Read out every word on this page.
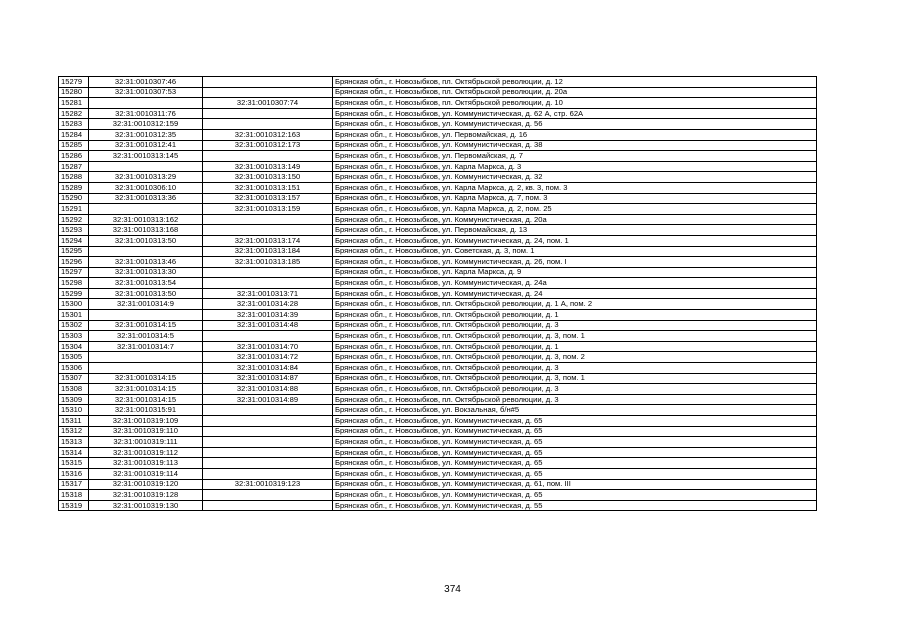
15279	32:31:0010307:46		Брянская обл., г. Новозыбков, пл. Октябрьской революции, д. 12
15280	32:31:0010307:53		Брянская обл., г. Новозыбков, пл. Октябрьской революции, д. 20а
15281		32:31:0010307:74	Брянская обл., г. Новозыбков, пл. Октябрьской революции, д. 10
15282	32:31:0010311:76		Брянская обл., г. Новозыбков, ул. Коммунистическая, д. 62 А, стр. 62А
15283	32:31:0010312:159		Брянская обл., г. Новозыбков, ул. Коммунистическая, д. 56
15284	32:31:0010312:35	32:31:0010312:163	Брянская обл., г. Новозыбков, ул. Первомайская, д. 16
15285	32:31:0010312:41	32:31:0010312:173	Брянская обл., г. Новозыбков, ул. Коммунистическая, д. 38
15286	32:31:0010313:145		Брянская обл., г. Новозыбков, ул. Первомайская, д. 7
15287		32:31:0010313:149	Брянская обл., г. Новозыбков, ул. Карла Маркса, д. 3
15288	32:31:0010313:29	32:31:0010313:150	Брянская обл., г. Новозыбков, ул. Коммунистическая, д. 32
15289	32:31:0010306:10	32:31:0010313:151	Брянская обл., г. Новозыбков, ул. Карла Маркса, д. 2, кв. 3, пом. 3
15290	32:31:0010313:36	32:31:0010313:157	Брянская обл., г. Новозыбков, ул. Карла Маркса, д. 7, пом. 3
15291		32:31:0010313:159	Брянская обл., г. Новозыбков, ул. Карла Маркса, д. 2, пом. 25
15292	32:31:0010313:162		Брянская обл., г. Новозыбков, ул. Коммунистическая, д. 20а
15293	32:31:0010313:168		Брянская обл., г. Новозыбков, ул. Первомайская, д. 13
15294	32:31:0010313:50	32:31:0010313:174	Брянская обл., г. Новозыбков, ул. Коммунистическая, д. 24, пом. 1
15295		32:31:0010313:184	Брянская обл., г. Новозыбков, ул. Советская, д. 3, пом. 1
15296	32:31:0010313:46	32:31:0010313:185	Брянская обл., г. Новозыбков, ул. Коммунистическая, д. 26, пом. I
15297	32:31:0010313:30		Брянская обл., г. Новозыбков, ул. Карла Маркса, д. 9
15298	32:31:0010313:54		Брянская обл., г. Новозыбков, ул. Коммунистическая, д. 24а
15299	32:31:0010313:50	32:31:0010313:71	Брянская обл., г. Новозыбков, ул. Коммунистическая, д. 24
15300	32:31:0010314:9	32:31:0010314:28	Брянская обл., г. Новозыбков, пл. Октябрьской революции, д. 1 А, пом. 2
15301		32:31:0010314:39	Брянская обл., г. Новозыбков, пл. Октябрьской революции, д. 1
15302	32:31:0010314:15	32:31:0010314:48	Брянская обл., г. Новозыбков, пл. Октябрьской революции, д. 3
15303	32:31:0010314:5		Брянская обл., г. Новозыбков, пл. Октябрьской революции, д. 3, пом. 1
15304	32:31:0010314:7	32:31:0010314:70	Брянская обл., г. Новозыбков, пл. Октябрьской революции, д. 1
15305		32:31:0010314:72	Брянская обл., г. Новозыбков, пл. Октябрьской революции, д. 3, пом. 2
15306		32:31:0010314:84	Брянская обл., г. Новозыбков, пл. Октябрьской революции, д. 3
15307	32:31:0010314:15	32:31:0010314:87	Брянская обл., г. Новозыбков, пл. Октябрьской революции, д. 3, пом. 1
15308	32:31:0010314:15	32:31:0010314:88	Брянская обл., г. Новозыбков, пл. Октябрьской революции, д. 3
15309	32:31:0010314:15	32:31:0010314:89	Брянская обл., г. Новозыбков, пл. Октябрьской революции, д. 3
15310	32:31:0010315:91		Брянская обл., г. Новозыбков, ул. Вокзальная, б/н#5
15311	32:31:0010319:109		Брянская обл., г. Новозыбков, ул. Коммунистическая, д. 65
15312	32:31:0010319:110		Брянская обл., г. Новозыбков, ул. Коммунистическая, д. 65
15313	32:31:0010319:111		Брянская обл., г. Новозыбков, ул. Коммунистическая, д. 65
15314	32:31:0010319:112		Брянская обл., г. Новозыбков, ул. Коммунистическая, д. 65
15315	32:31:0010319:113		Брянская обл., г. Новозыбков, ул. Коммунистическая, д. 65
15316	32:31:0010319:114		Брянская обл., г. Новозыбков, ул. Коммунистическая, д. 65
15317	32:31:0010319:120	32:31:0010319:123	Брянская обл., г. Новозыбков, ул. Коммунистическая, д. 61, пом. III
15318	32:31:0010319:128		Брянская обл., г. Новозыбков, ул. Коммунистическая, д. 65
15319	32:31:0010319:130		Брянская обл., г. Новозыбков, ул. Коммунистическая, д. 55
374
